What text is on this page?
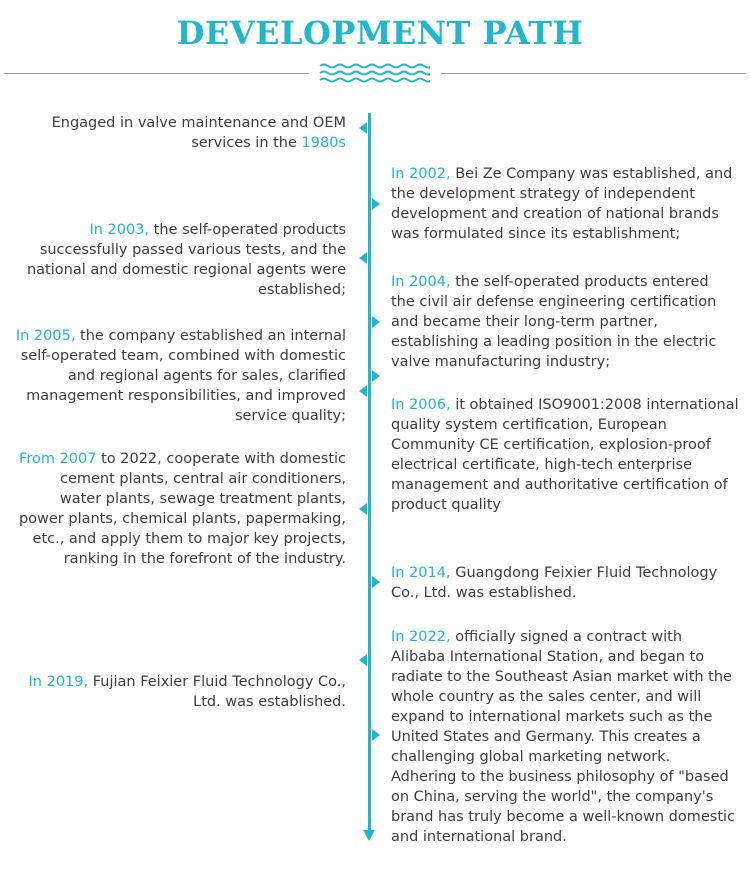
DEVELOPMENT PATH

Engaged in valve maintenance and OEM services in the 1980s

In 2002, Bei Ze Company was established, and the development strategy of independent development and creation of national brands was formulated since its establishment;

In 2003, the self-operated products successfully passed various tests, and the national and domestic regional agents were established;	In 2004, the self-operated products entered the civil air defense engineering certification and became their long-term partner, establishing a leading position in the electric valve manufacturing industry;

In 2005, the company established an internal self-operated team, combined with domestic and regional agents for sales, clarified management responsibilities, and improved service quality;

In 2006, it obtained ISO9001:2008 international quality system certification, European Community CE certification, explosion-proof electrical certificate, high-tech enterprise management and authoritative certification of product quality

From 2007 to 2022, cooperate with domestic cement plants, central air conditioners, water plants, sewage treatment plants, power plants, chemical plants, papermaking, etc., and apply them to major key projects, ranking in the forefront of the industry.

In 2014, Guangdong Feixier Fluid Technology Co., Ltd. was established.

In 2022, officially signed a contract with Alibaba International Station, and began to radiate to the Southeast Asian market with the whole country as the sales center, and will expand to international markets such as the United States and Germany. This creates a challenging global marketing network. Adhering to the business philosophy of "based on China, serving the world", the company's brand has truly become a well-known domestic and international brand.

In 2019, Fujian Feixier Fluid Technology Co., Ltd. was established.
